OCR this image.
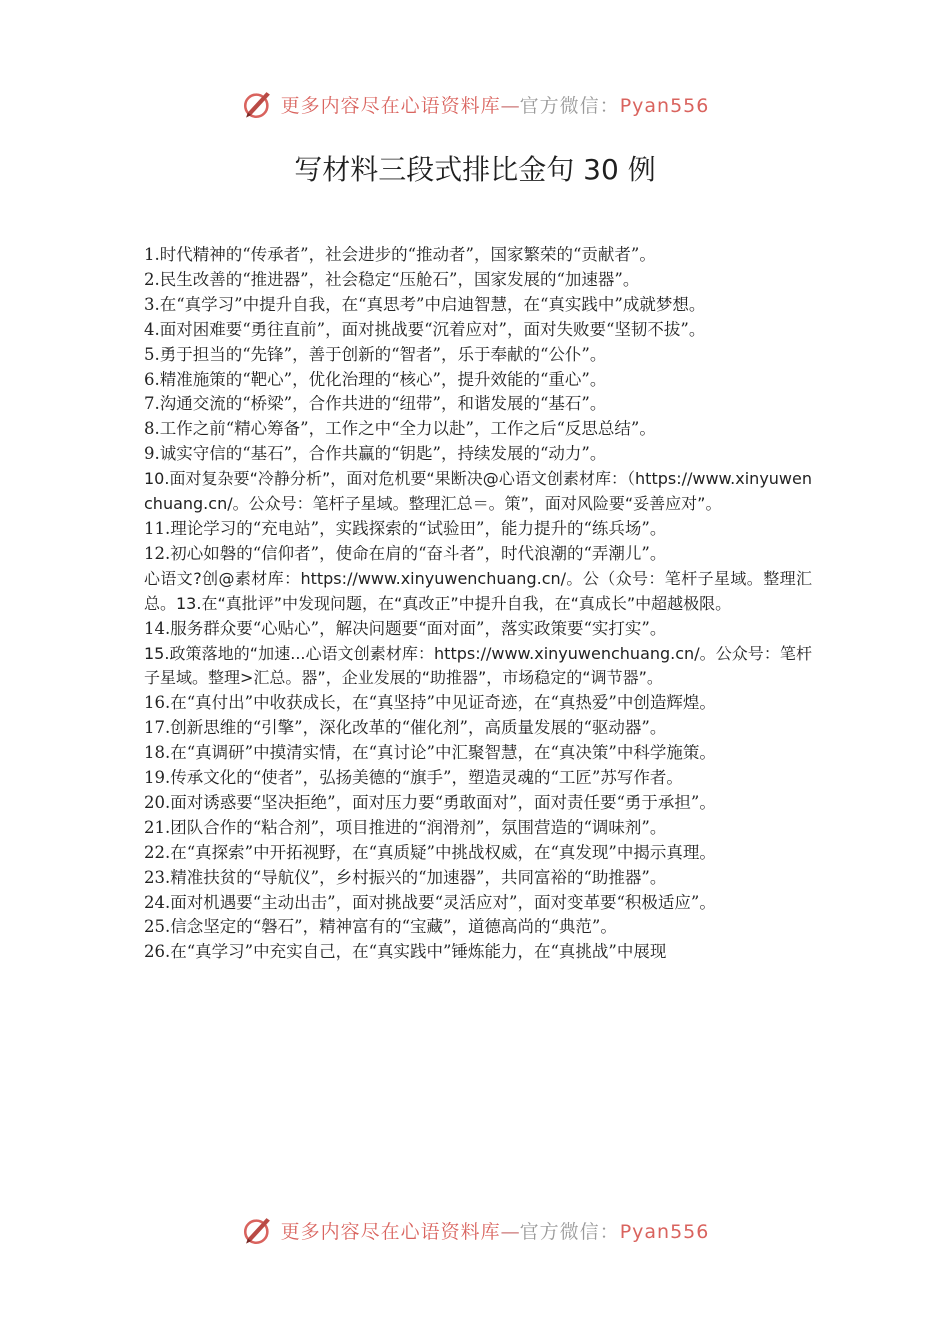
更多内容尽在心语资料库—官方微信：Pyan556
写材料三段式排比金句 30 例

1.时代精神的“传承者”，社会进步的“推动者”，国家繁荣的“贡献者”。

2.民生改善的“推进器”，社会稳定“压舱石”，国家发展的“加速器”。

3.在“真学习”中提升自我，在“真思考”中启迪智慧，在“真实践中”成就梦想。

4.面对困难要“勇往直前”，面对挑战要“沉着应对”，面对失败要“坚韧不拔”。

5.勇于担当的“先锋”，善于创新的“智者”，乐于奉献的“公仆”。

6.精准施策的“靶心”，优化治理的“核心”，提升效能的“重心”。

7.沟通交流的“桥梁”，合作共进的“纽带”，和谐发展的“基石”。

8.工作之前“精心筹备”，工作之中“全力以赴”，工作之后“反思总结”。

9.诚实守信的“基石”，合作共赢的“钥匙”，持续发展的“动力”。

10.面对复杂要“冷静分析”，面对危机要“果断决@心语文创素材库：（https://www.xinyuwenchuang.cn/。公众号：笔杆子星域。整理汇总＝。策”，面对风险要“妥善应对”。

11.理论学习的“充电站”，实践探索的“试验田”，能力提升的“练兵场”。

12.初心如磐的“信仰者”，使命在肩的“奋斗者”，时代浪潮的“弄潮儿”。

心语文?创@素材库：https://www.xinyuwenchuang.cn/。公（众号：笔杆子星域。整理汇总。13.在“真批评”中发现问题，在“真改正”中提升自我，在“真成长”中超越极限。

14.服务群众要“心贴心”，解决问题要“面对面”，落实政策要“实打实”。

15.政策落地的“加速...心语文创素材库：https://www.xinyuwenchuang.cn/。公众号：笔杆子星域。整理>汇总。器”，企业发展的“助推器”，市场稳定的“调节器”。

16.在“真付出”中收获成长，在“真坚持”中见证奇迹，在“真热爱”中创造辉煌。

17.创新思维的“引擎”，深化改革的“催化剂”，高质量发展的“驱动器”。

18.在“真调研”中摸清实情，在“真讨论”中汇聚智慧，在“真决策”中科学施策。

19.传承文化的“使者”，弘扬美德的“旗手”，塑造灵魂的“工匠”苏写作者。

20.面对诱惑要“坚决拒绝”，面对压力要“勇敢面对”，面对责任要“勇于承担”。

21.团队合作的“粘合剂”，项目推进的“润滑剂”，氛围营造的“调味剂”。

22.在“真探索”中开拓视野，在“真质疑”中挑战权威，在“真发现”中揭示真理。

23.精准扶贫的“导航仪”，乡村振兴的“加速器”，共同富裕的“助推器”。

24.面对机遇要“主动出击”，面对挑战要“灵活应对”，面对变革要“积极适应”。

25.信念坚定的“磐石”，精神富有的“宝藏”，道德高尚的“典范”。

26.在“真学习”中充实自己，在“真实践中”锤炼能力，在“真挑战”中展现

更多内容尽在心语资料库—官方微信：Pyan556
